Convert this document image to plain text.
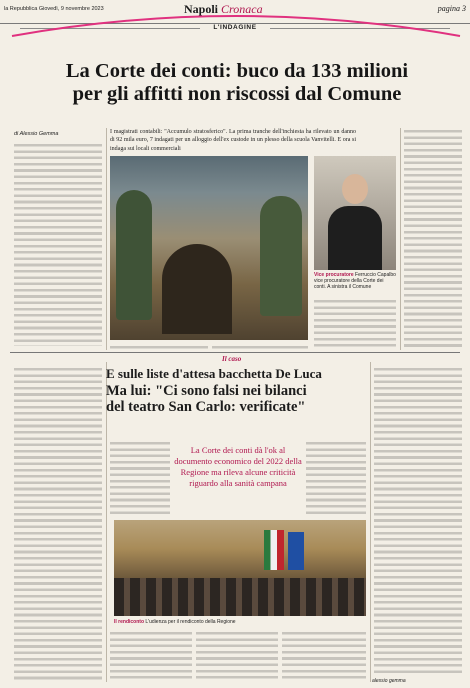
la Repubblica Giovedì, 9 novembre 2023	Napoli Cronaca	pagina 3
L'INDAGINE
La Corte dei conti: buco da 133 milioni
per gli affitti non riscossi dal Comune
di Alessio Gemma	I magistrati contabili: "Accumulo stratosferico". La prima tranche dell'inchiesta ha rilevato un danno di 92 mila euro, 7 indagati per un alloggio dell'ex custode in un plesso della scuola Vanvitelli. E ora si indaga sui locali commerciali
Vice procuratore Ferruccio Capalbo vice procuratore della Corte dei conti. A sinistra il Comune
Il caso
E sulle liste d'attesa bacchetta De Luca
Ma lui: "Ci sono falsi nei bilanci
del teatro San Carlo: verificate"
La Corte dei conti dà l'ok al documento economico del 2022 della Regione ma rileva alcune criticità riguardo alla sanità campana
Il rendiconto L'udienza per il rendiconto della Regione
alessio gemma
